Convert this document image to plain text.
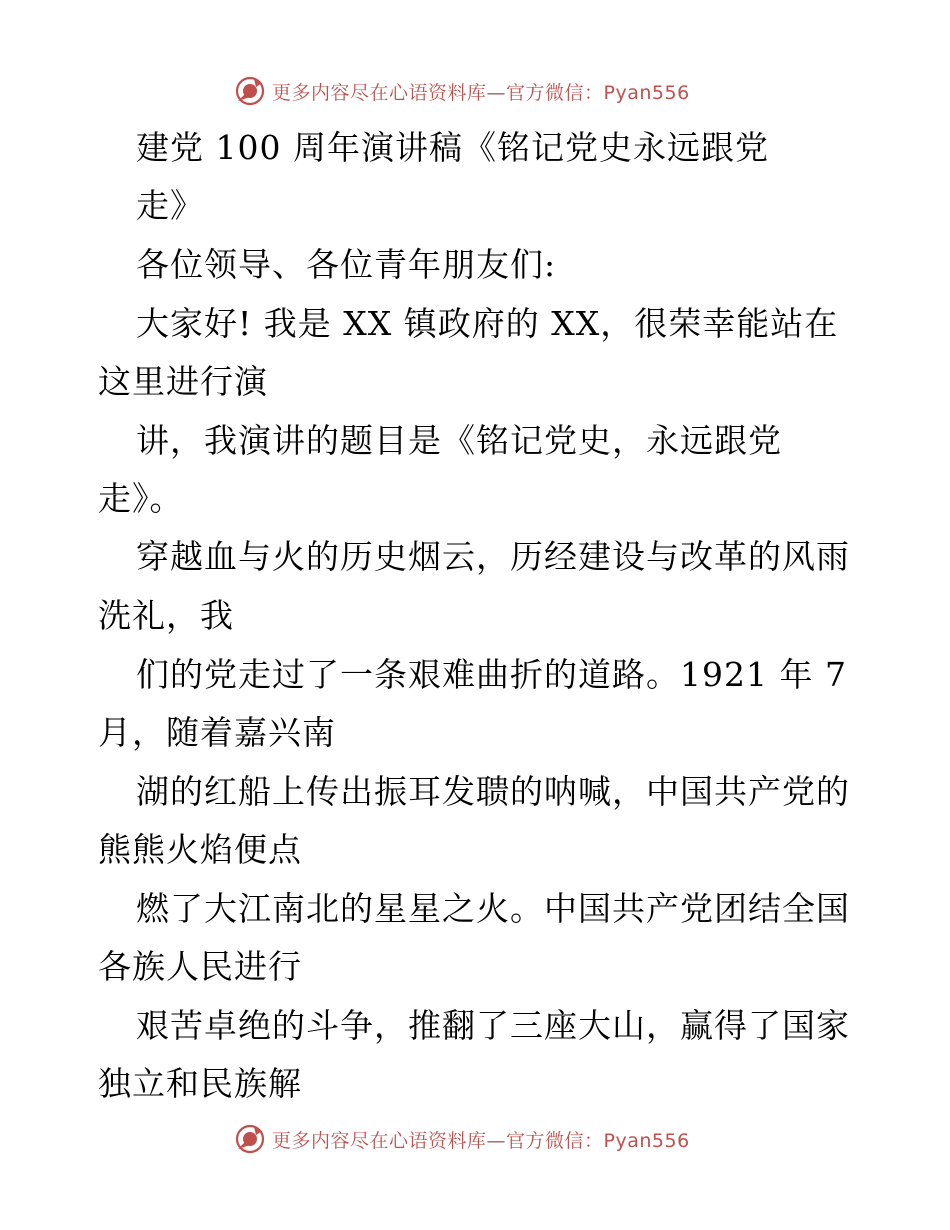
更多内容尽在心语资料库—官方微信：Pyan556
建党 100 周年演讲稿《铭记党史永远跟党
走》
各位领导、各位青年朋友们:
大家好! 我是 XX 镇政府的 XX，很荣幸能站在
这里进行演
讲，我演讲的题目是《铭记党史，永远跟党
走》。
穿越血与火的历史烟云，历经建设与改革的风雨
洗礼，我
们的党走过了一条艰难曲折的道路。1921 年 7
月，随着嘉兴南
湖的红船上传出振耳发聩的呐喊，中国共产党的
熊熊火焰便点
燃了大江南北的星星之火。中国共产党团结全国
各族人民进行
艰苦卓绝的斗争，推翻了三座大山，赢得了国家
独立和民族解
更多内容尽在心语资料库—官方微信：Pyan556
